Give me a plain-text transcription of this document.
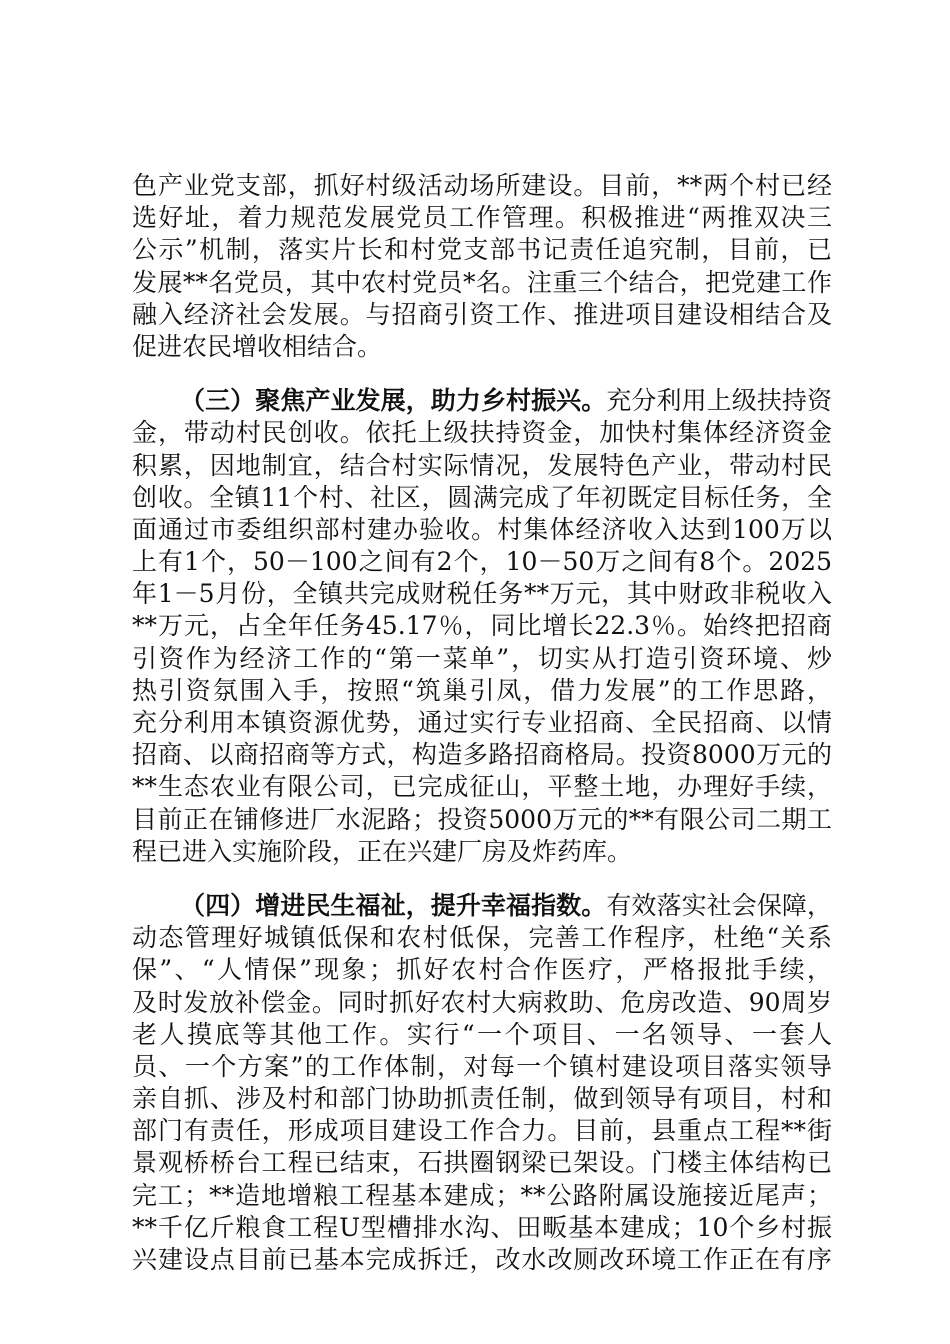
色产业党支部，抓好村级活动场所建设。目前，**两个村已经
选好址，着力规范发展党员工作管理。积极推进“两推双决三
公示”机制，落实片长和村党支部书记责任追究制，目前，已
发展**名党员，其中农村党员*名。注重三个结合，把党建工作
融入经济社会发展。与招商引资工作、推进项目建设相结合及
促进农民增收相结合。
（三）聚焦产业发展，助力乡村振兴。充分利用上级扶持资
金，带动村民创收。依托上级扶持资金，加快村集体经济资金
积累，因地制宜，结合村实际情况，发展特色产业，带动村民
创收。全镇11个村、社区，圆满完成了年初既定目标任务，全
面通过市委组织部村建办验收。村集体经济收入达到100万以
上有1个，50－100之间有2个，10－50万之间有8个。2025
年1－5月份，全镇共完成财税任务**万元，其中财政非税收入
**万元，占全年任务45.17％，同比增长22.3％。始终把招商
引资作为经济工作的“第一菜单”，切实从打造引资环境、炒
热引资氛围入手，按照“筑巢引凤，借力发展”的工作思路，
充分利用本镇资源优势，通过实行专业招商、全民招商、以情
招商、以商招商等方式，构造多路招商格局。投资8000万元的
**生态农业有限公司，已完成征山，平整土地，办理好手续，
目前正在铺修进厂水泥路；投资5000万元的**有限公司二期工
程已进入实施阶段，正在兴建厂房及炸药库。
（四）增进民生福祉，提升幸福指数。有效落实社会保障，
动态管理好城镇低保和农村低保，完善工作程序，杜绝“关系
保”、“人情保”现象；抓好农村合作医疗，严格报批手续，
及时发放补偿金。同时抓好农村大病救助、危房改造、90周岁
老人摸底等其他工作。实行“一个项目、一名领导、一套人
员、一个方案”的工作体制，对每一个镇村建设项目落实领导
亲自抓、涉及村和部门协助抓责任制，做到领导有项目，村和
部门有责任，形成项目建设工作合力。目前，县重点工程**街
景观桥桥台工程已结束，石拱圈钢梁已架设。门楼主体结构已
完工；**造地增粮工程基本建成；**公路附属设施接近尾声；
**千亿斤粮食工程U型槽排水沟、田畈基本建成；10个乡村振
兴建设点目前已基本完成拆迁，改水改厕改环境工作正在有序
